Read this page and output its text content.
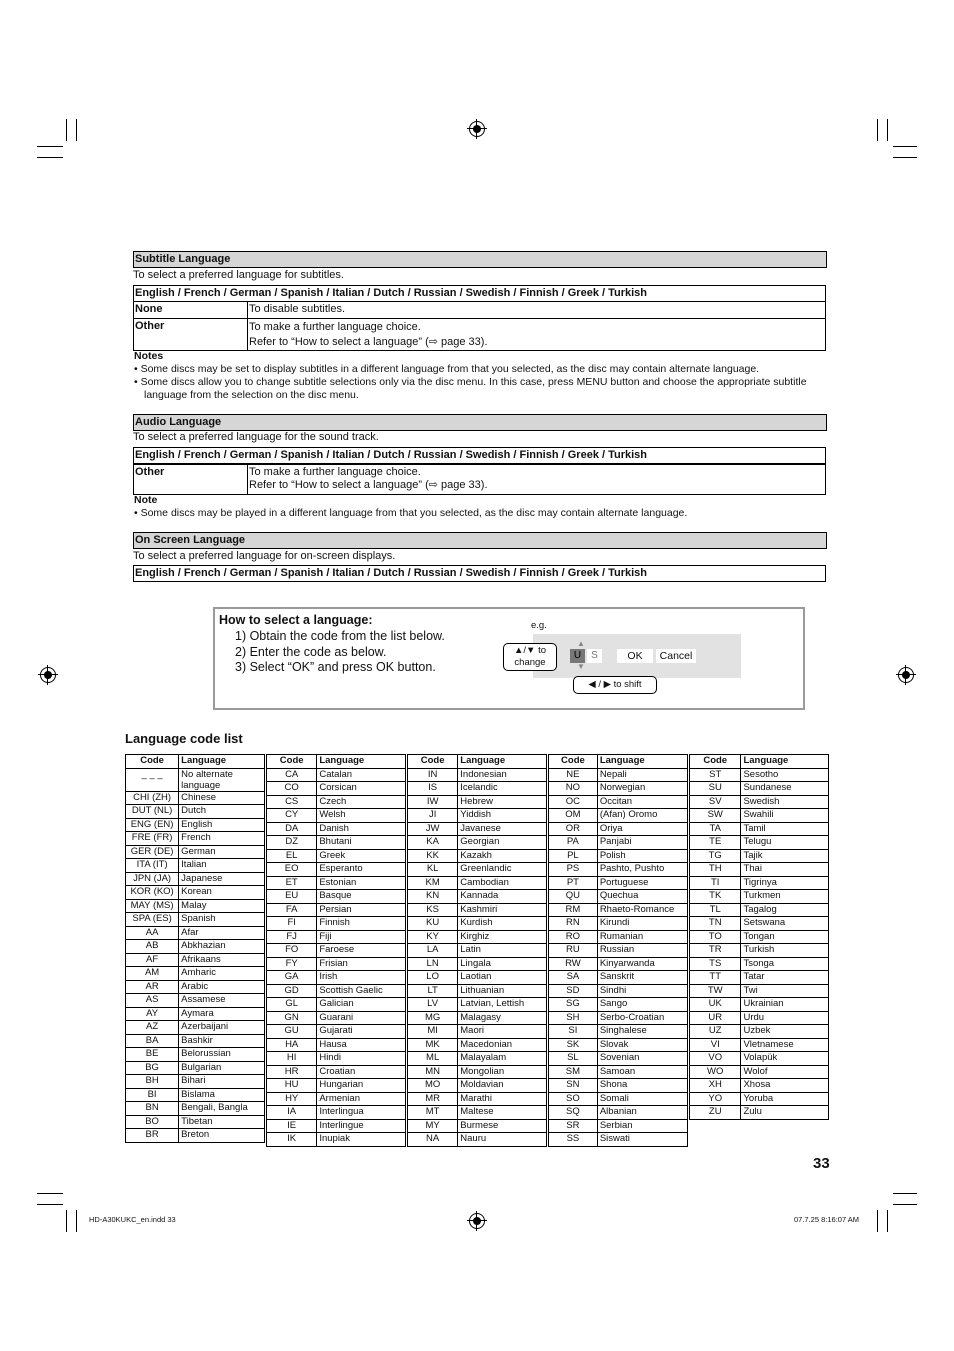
Subtitle Language
To select a preferred language for subtitles.
English / French / German / Spanish / Italian / Dutch / Russian / Swedish / Finnish / Greek / Turkish
None	To disable subtitles.
Other	To make a further language choice.
Refer to “How to select a language” (⇨ page 33).
Notes
• Some discs may be set to display subtitles in a different language from that you selected, as the disc may contain alternate language.
• Some discs allow you to change subtitle selections only via the disc menu. In this case, press MENU button and choose the appropriate subtitle language from the selection on the disc menu.
Audio Language
To select a preferred language for the sound track.
English / French / German / Spanish / Italian / Dutch / Russian / Swedish / Finnish / Greek / Turkish
Other	To make a further language choice.
Refer to “How to select a language” (⇨ page 33).
Note
• Some discs may be played in a different language from that you selected, as the disc may contain alternate language.
On Screen Language
To select a preferred language for on-screen displays.
English / French / German / Spanish / Italian / Dutch / Russian / Swedish / Finnish / Greek / Turkish
How to select a language:
1) Obtain the code from the list below.
2) Enter the code as below.
3) Select “OK” and press OK button.
e.g.
▲
U
▼
S	OK	Cancel
▲/▼ to
change
◀ / ▶ to shift
Language code list
Code	Language
– – –	No alternate language
CHI (ZH)	Chinese
DUT (NL)	Dutch
ENG (EN)	English
FRE (FR)	French
GER (DE)	German
ITA (IT)	Italian
JPN (JA)	Japanese
KOR (KO)	Korean
MAY (MS)	Malay
SPA (ES)	Spanish
AA	Afar
AB	Abkhazian
AF	Afrikaans
AM	Amharic
AR	Arabic
AS	Assamese
AY	Aymara
AZ	Azerbaijani
BA	Bashkir
BE	Belorussian
BG	Bulgarian
BH	Bihari
BI	Bislama
BN	Bengali, Bangla
BO	Tibetan
BR	Breton
Code	Language
CA	Catalan
CO	Corsican
CS	Czech
CY	Welsh
DA	Danish
DZ	Bhutani
EL	Greek
EO	Esperanto
ET	Estonian
EU	Basque
FA	Persian
FI	Finnish
FJ	Fiji
FO	Faroese
FY	Frisian
GA	Irish
GD	Scottish Gaelic
GL	Galician
GN	Guarani
GU	Gujarati
HA	Hausa
HI	Hindi
HR	Croatian
HU	Hungarian
HY	Armenian
IA	Interlingua
IE	Interlingue
IK	Inupiak
Code	Language
IN	Indonesian
IS	Icelandic
IW	Hebrew
JI	Yiddish
JW	Javanese
KA	Georgian
KK	Kazakh
KL	Greenlandic
KM	Cambodian
KN	Kannada
KS	Kashmiri
KU	Kurdish
KY	Kirghiz
LA	Latin
LN	Lingala
LO	Laotian
LT	Lithuanian
LV	Latvian, Lettish
MG	Malagasy
MI	Maori
MK	Macedonian
ML	Malayalam
MN	Mongolian
MO	Moldavian
MR	Marathi
MT	Maltese
MY	Burmese
NA	Nauru
Code	Language
NE	Nepali
NO	Norwegian
OC	Occitan
OM	(Afan) Oromo
OR	Oriya
PA	Panjabi
PL	Polish
PS	Pashto, Pushto
PT	Portuguese
QU	Quechua
RM	Rhaeto-Romance
RN	Kirundi
RO	Rumanian
RU	Russian
RW	Kinyarwanda
SA	Sanskrit
SD	Sindhi
SG	Sango
SH	Serbo-Croatian
SI	Singhalese
SK	Slovak
SL	Sovenian
SM	Samoan
SN	Shona
SO	Somali
SQ	Albanian
SR	Serbian
SS	Siswati
Code	Language
ST	Sesotho
SU	Sundanese
SV	Swedish
SW	Swahili
TA	Tamil
TE	Telugu
TG	Tajik
TH	Thai
TI	Tigrinya
TK	Turkmen
TL	Tagalog
TN	Setswana
TO	Tongan
TR	Turkish
TS	Tsonga
TT	Tatar
TW	Twi
UK	Ukrainian
UR	Urdu
UZ	Uzbek
VI	Vletnamese
VO	Volapük
WO	Wolof
XH	Xhosa
YO	Yoruba
ZU	Zulu
33
HD-A30KUKC_en.indd 33	07.7.25 8:16:07 AM
